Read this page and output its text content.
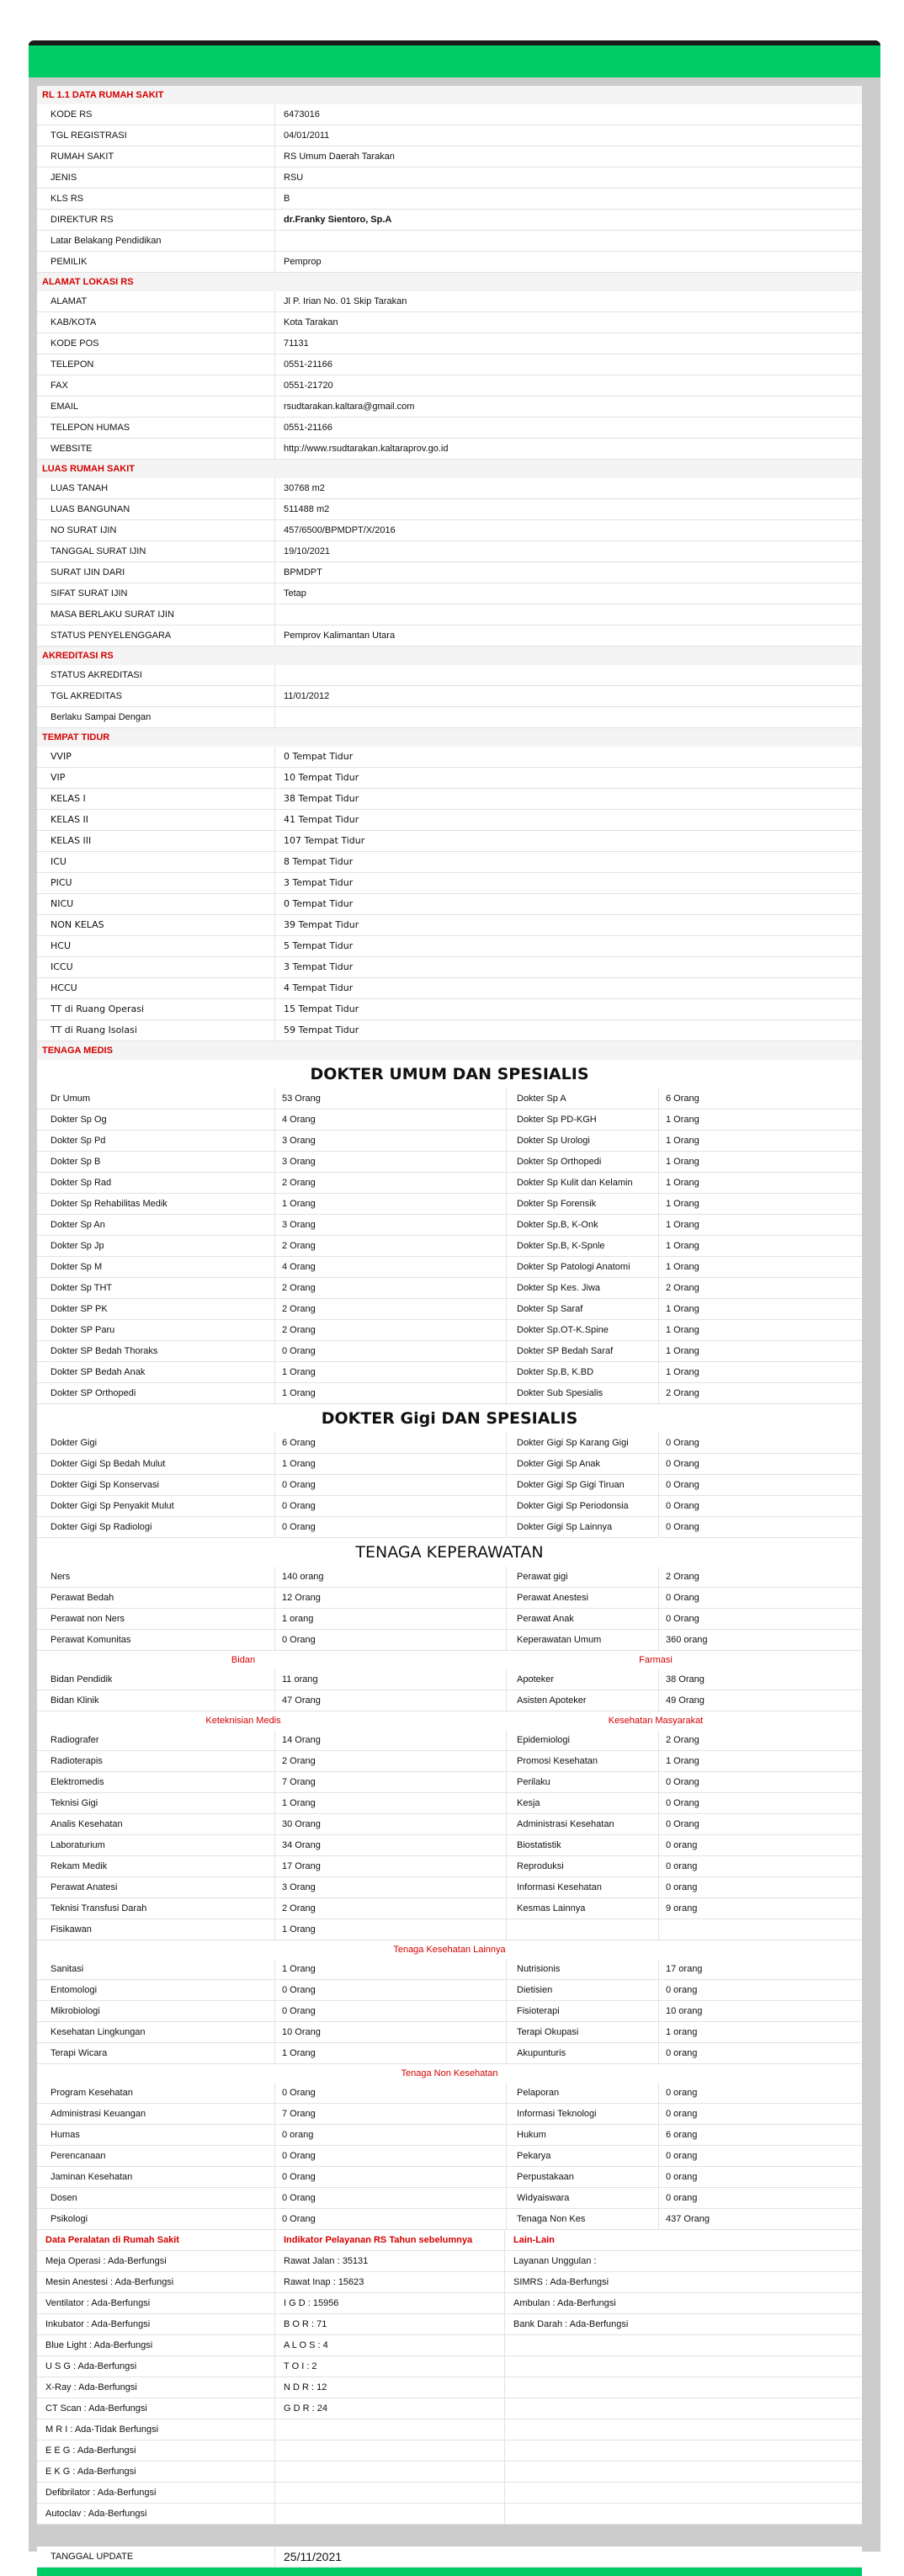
RL 1.1 DATA RUMAH SAKIT
KODE RS	6473016
TGL REGISTRASI	04/01/2011
RUMAH SAKIT	RS Umum Daerah Tarakan
JENIS	RSU
KLS RS	B
DIREKTUR RS	dr.Franky Sientoro, Sp.A
Latar Belakang Pendidikan
PEMILIK	Pemprop
ALAMAT LOKASI RS
ALAMAT	Jl P. Irian No. 01 Skip Tarakan
KAB/KOTA	Kota Tarakan
KODE POS	71131
TELEPON	0551-21166
FAX	0551-21720
EMAIL	rsudtarakan.kaltara@gmail.com
TELEPON HUMAS	0551-21166
WEBSITE	http://www.rsudtarakan.kaltaraprov.go.id
LUAS RUMAH SAKIT
LUAS TANAH	30768 m2
LUAS BANGUNAN	511488 m2
NO SURAT IJIN	457/6500/BPMDPT/X/2016
TANGGAL SURAT IJIN	19/10/2021
SURAT IJIN DARI	BPMDPT
SIFAT SURAT IJIN	Tetap
MASA BERLAKU SURAT IJIN
STATUS PENYELENGGARA	Pemprov Kalimantan Utara
AKREDITASI RS
STATUS AKREDITASI
TGL AKREDITAS	11/01/2012
Berlaku Sampai Dengan
TEMPAT TIDUR
VVIP	0 Tempat Tidur
VIP	10 Tempat Tidur
KELAS I	38 Tempat Tidur
KELAS II	41 Tempat Tidur
KELAS III	107 Tempat Tidur
ICU	8 Tempat Tidur
PICU	3 Tempat Tidur
NICU	0 Tempat Tidur
NON KELAS	39 Tempat Tidur
HCU	5 Tempat Tidur
ICCU	3 Tempat Tidur
HCCU	4 Tempat Tidur
TT di Ruang Operasi	15 Tempat Tidur
TT di Ruang Isolasi	59 Tempat Tidur
TENAGA MEDIS
DOKTER UMUM DAN SPESIALIS
Dr Umum	53 Orang	Dokter Sp A	6 Orang
Dokter Sp Og	4 Orang	Dokter Sp PD-KGH	1 Orang
Dokter Sp Pd	3 Orang	Dokter Sp Urologi	1 Orang
Dokter Sp B	3 Orang	Dokter Sp Orthopedi	1 Orang
Dokter Sp Rad	2 Orang	Dokter Sp Kulit dan Kelamin	1 Orang
Dokter Sp Rehabilitas Medik	1 Orang	Dokter Sp Forensik	1 Orang
Dokter Sp An	3 Orang	Dokter Sp.B, K-Onk	1 Orang
Dokter Sp Jp	2 Orang	Dokter Sp.B, K-Spnle	1 Orang
Dokter Sp M	4 Orang	Dokter Sp Patologi Anatomi	1 Orang
Dokter Sp THT	2 Orang	Dokter Sp Kes. Jiwa	2 Orang
Dokter SP PK	2 Orang	Dokter Sp Saraf	1 Orang
Dokter SP Paru	2 Orang	Dokter Sp.OT-K.Spine	1 Orang
Dokter SP Bedah Thoraks	0 Orang	Dokter SP Bedah Saraf	1 Orang
Dokter SP Bedah Anak	1 Orang	Dokter Sp.B, K.BD	1 Orang
Dokter SP Orthopedi	1 Orang	Dokter Sub Spesialis	2 Orang
DOKTER Gigi DAN SPESIALIS
Dokter Gigi	6 Orang	Dokter Gigi Sp Karang Gigi	0 Orang
Dokter Gigi Sp Bedah Mulut	1 Orang	Dokter Gigi Sp Anak	0 Orang
Dokter Gigi Sp Konservasi	0 Orang	Dokter Gigi Sp Gigi Tiruan	0 Orang
Dokter Gigi Sp Penyakit Mulut	0 Orang	Dokter Gigi Sp Periodonsia	0 Orang
Dokter Gigi Sp Radiologi	0 Orang	Dokter Gigi Sp Lainnya	0 Orang
TENAGA KEPERAWATAN
Ners	140 orang	Perawat gigi	2 Orang
Perawat Bedah	12 Orang	Perawat Anestesi	0 Orang
Perawat non Ners	1 orang	Perawat Anak	0 Orang
Perawat Komunitas	0 Orang	Keperawatan Umum	360 orang
Bidan	Farmasi
Bidan Pendidik	11 orang	Apoteker	38 Orang
Bidan Klinik	47 Orang	Asisten Apoteker	49 Orang
Keteknisian Medis	Kesehatan Masyarakat
Radiografer	14 Orang	Epidemiologi	2 Orang
Radioterapis	2 Orang	Promosi Kesehatan	1 Orang
Elektromedis	7 Orang	Perilaku	0 Orang
Teknisi Gigi	1 Orang	Kesja	0 Orang
Analis Kesehatan	30 Orang	Administrasi Kesehatan	0 Orang
Laboraturium	34 Orang	Biostatistik	0 orang
Rekam Medik	17 Orang	Reproduksi	0 orang
Perawat Anatesi	3 Orang	Informasi Kesehatan	0 orang
Teknisi Transfusi Darah	2 Orang	Kesmas Lainnya	9 orang
Fisikawan	1 Orang
Tenaga Kesehatan Lainnya
Sanitasi	1 Orang	Nutrisionis	17 orang
Entomologi	0 Orang	Dietisien	0 orang
Mikrobiologi	0 Orang	Fisioterapi	10 orang
Kesehatan Lingkungan	10 Orang	Terapi Okupasi	1 orang
Terapi Wicara	1 Orang	Akupunturis	0 orang
Tenaga Non Kesehatan
Program Kesehatan	0 Orang	Pelaporan	0 orang
Administrasi Keuangan	7 Orang	Informasi Teknologi	0 orang
Humas	0 orang	Hukum	6 orang
Perencanaan	0 Orang	Pekarya	0 orang
Jaminan Kesehatan	0 Orang	Perpustakaan	0 orang
Dosen	0 Orang	Widyaiswara	0 orang
Psikologi	0 Orang	Tenaga Non Kes	437 Orang
Data Peralatan di Rumah Sakit	Indikator Pelayanan RS Tahun sebelumnya	Lain-Lain
Meja Operasi : Ada-Berfungsi	Rawat Jalan : 35131	Layanan Unggulan :
Mesin Anestesi : Ada-Berfungsi	Rawat Inap : 15623	SIMRS : Ada-Berfungsi
Ventilator : Ada-Berfungsi	I G D : 15956	Ambulan : Ada-Berfungsi
Inkubator : Ada-Berfungsi	B O R : 71	Bank Darah : Ada-Berfungsi
Blue Light : Ada-Berfungsi	A L O S : 4
U S G : Ada-Berfungsi	T O I : 2
X-Ray : Ada-Berfungsi	N D R : 12
CT Scan : Ada-Berfungsi	G D R : 24
M R I : Ada-Tidak Berfungsi
E E G : Ada-Berfungsi
E K G : Ada-Berfungsi
Defibrilator : Ada-Berfungsi
Autoclav : Ada-Berfungsi
TANGGAL UPDATE	25/11/2021
